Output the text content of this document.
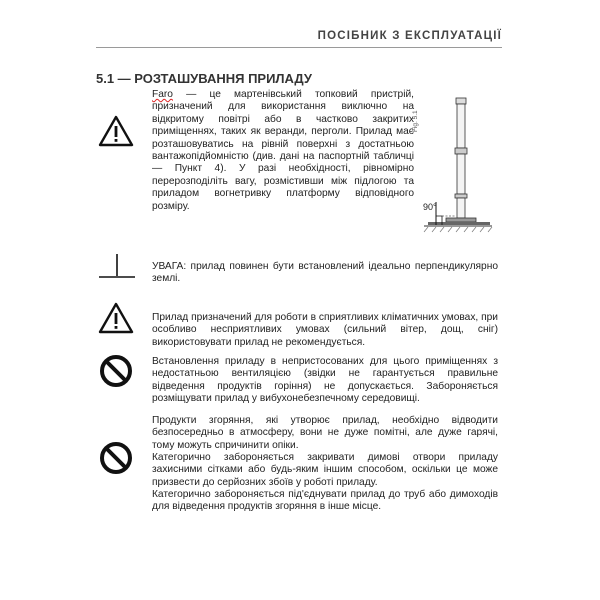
ПОСІБНИК З ЕКСПЛУАТАЦІЇ
5.1 — РОЗТАШУВАННЯ ПРИЛАДУ
Faro — це мартенівський топковий пристрій, призначений для використання виключно на відкритому повітрі або в частково закритих приміщеннях, таких як веранди, перголи. Прилад має розташовуватись на рівній поверхні з достатньою вантажопідйомністю (див. дані на паспортній табличці — Пункт 4). У разі необхідності, рівномірно перерозподіліть вагу, розмістивши між підлогою та приладом вогнетривку платформу відповідного розміру.
Fig. 5.1
90°
УВАГА: прилад повинен бути встановлений ідеально перпендикулярно землі.
Прилад призначений для роботи в сприятливих кліматичних умовах, при особливо несприятливих умовах (сильний вітер, дощ, сніг) використовувати прилад не рекомендується.
Встановлення приладу в непристосованих для цього приміщеннях з недостатньою вентиляцією (звідки не гарантується правильне відведення продуктів горіння) не допускається. Забороняється розміщувати прилад у вибухонебезпечному середовищі.
Продукти згоряння, які утворює прилад, необхідно відводити безпосередньо в атмосферу, вони не дуже помітні, але дуже гарячі, тому можуть спричинити опіки.
Категорично забороняється закривати димові отвори приладу захисними сітками або будь-яким іншим способом, оскільки це може призвести до серйозних збоїв у роботі приладу.
Категорично забороняється під'єднувати прилад до труб або димоходів для відведення продуктів згоряння в інше місце.
